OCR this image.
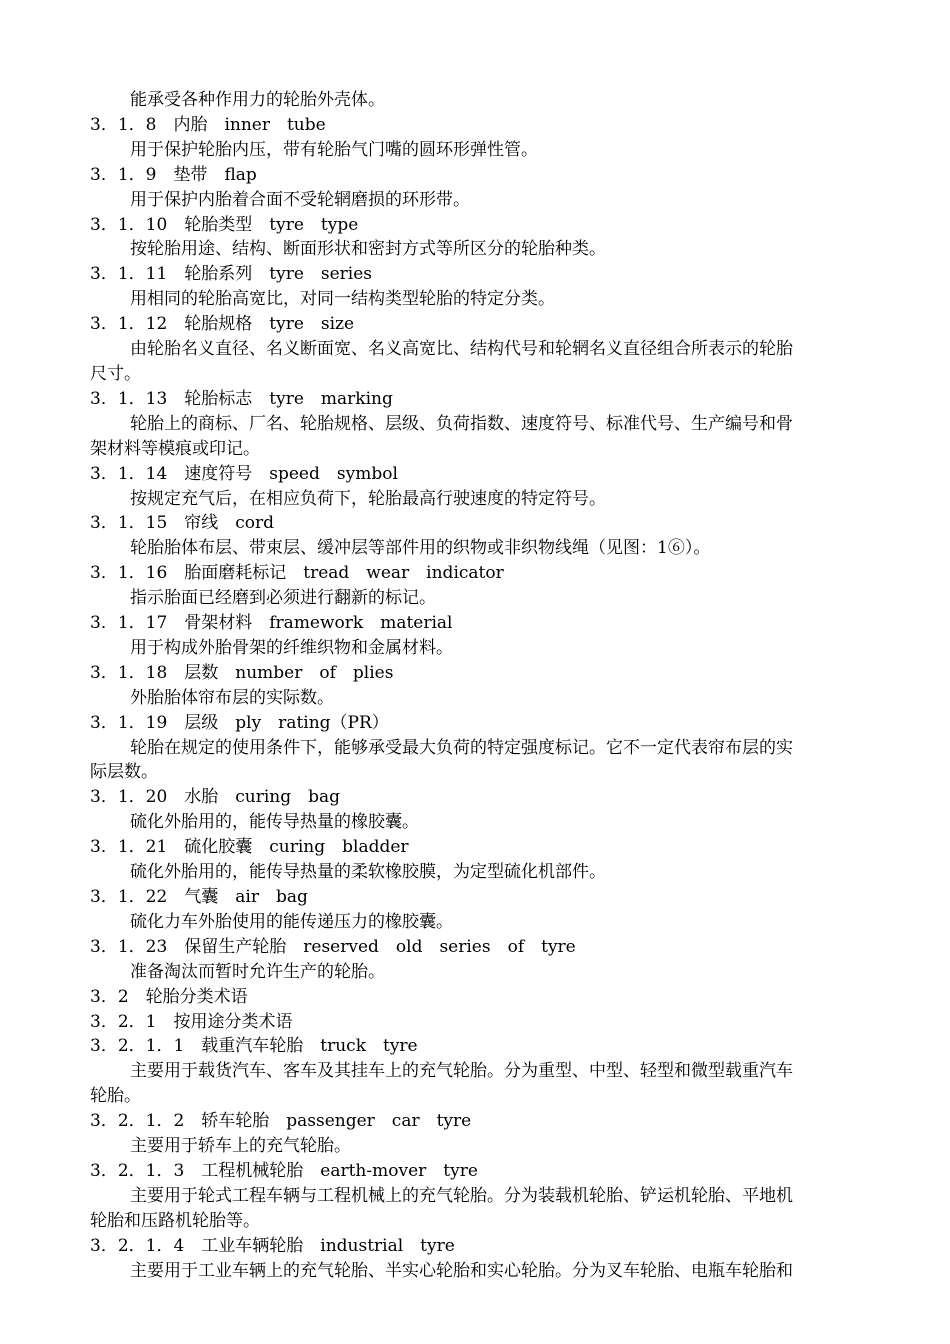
能承受各种作用力的轮胎外壳体。
3．1．8　内胎　inner　tube
用于保护轮胎内压，带有轮胎气门嘴的圆环形弹性管。
3．1．9　垫带　flap
用于保护内胎着合面不受轮辋磨损的环形带。
3．1．10　轮胎类型　tyre　type
按轮胎用途、结构、断面形状和密封方式等所区分的轮胎种类。
3．1．11　轮胎系列　tyre　series
用相同的轮胎高宽比，对同一结构类型轮胎的特定分类。
3．1．12　轮胎规格　tyre　size
由轮胎名义直径、名义断面宽、名义高宽比、结构代号和轮辋名义直径组合所表示的轮胎
尺寸。
3．1．13　轮胎标志　tyre　marking
轮胎上的商标、厂名、轮胎规格、层级、负荷指数、速度符号、标准代号、生产编号和骨
架材料等模痕或印记。
3．1．14　速度符号　speed　symbol
按规定充气后，在相应负荷下，轮胎最高行驶速度的特定符号。
3．1．15　帘线　cord
轮胎胎体布层、带束层、缓冲层等部件用的织物或非织物线绳（见图：1⑥）。
3．1．16　胎面磨耗标记　tread　wear　indicator
指示胎面已经磨到必须进行翻新的标记。
3．1．17　骨架材料　framework　material
用于构成外胎骨架的纤维织物和金属材料。
3．1．18　层数　number　of　plies
外胎胎体帘布层的实际数。
3．1．19　层级　ply　rating（PR）
轮胎在规定的使用条件下，能够承受最大负荷的特定强度标记。它不一定代表帘布层的实
际层数。
3．1．20　水胎　curing　bag
硫化外胎用的，能传导热量的橡胶囊。
3．1．21　硫化胶囊　curing　bladder
硫化外胎用的，能传导热量的柔软橡胶膜，为定型硫化机部件。
3．1．22　气囊　air　bag
硫化力车外胎使用的能传递压力的橡胶囊。
3．1．23　保留生产轮胎　reserved　old　series　of　tyre
准备淘汰而暂时允许生产的轮胎。
3．2　轮胎分类术语
3．2．1　按用途分类术语
3．2．1．1　载重汽车轮胎　truck　tyre
主要用于载货汽车、客车及其挂车上的充气轮胎。分为重型、中型、轻型和微型载重汽车
轮胎。
3．2．1．2　轿车轮胎　passenger　car　tyre
主要用于轿车上的充气轮胎。
3．2．1．3　工程机械轮胎　earth-mover　tyre
主要用于轮式工程车辆与工程机械上的充气轮胎。分为装载机轮胎、铲运机轮胎、平地机
轮胎和压路机轮胎等。
3．2．1．4　工业车辆轮胎　industrial　tyre
主要用于工业车辆上的充气轮胎、半实心轮胎和实心轮胎。分为叉车轮胎、电瓶车轮胎和
